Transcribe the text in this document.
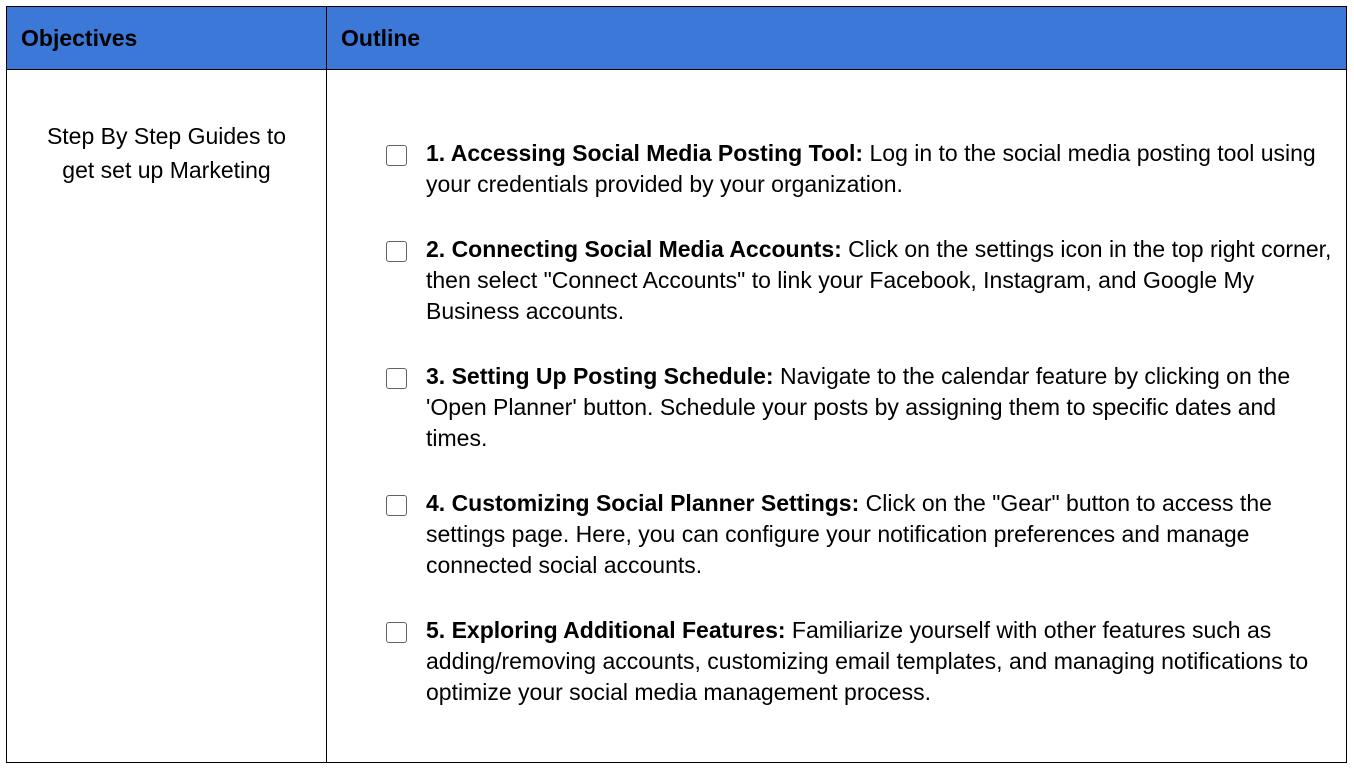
Objectives	Outline
Step By Step Guides to
get set up Marketing
1. Accessing Social Media Posting Tool: Log in to the social media posting tool using your credentials provided by your organization.
2. Connecting Social Media Accounts: Click on the settings icon in the top right corner, then select "Connect Accounts" to link your Facebook, Instagram, and Google My Business accounts.
3. Setting Up Posting Schedule: Navigate to the calendar feature by clicking on the 'Open Planner' button. Schedule your posts by assigning them to specific dates and times.
4. Customizing Social Planner Settings: Click on the "Gear" button to access the settings page. Here, you can configure your notification preferences and manage connected social accounts.
5. Exploring Additional Features: Familiarize yourself with other features such as adding/removing accounts, customizing email templates, and managing notifications to optimize your social media management process.
